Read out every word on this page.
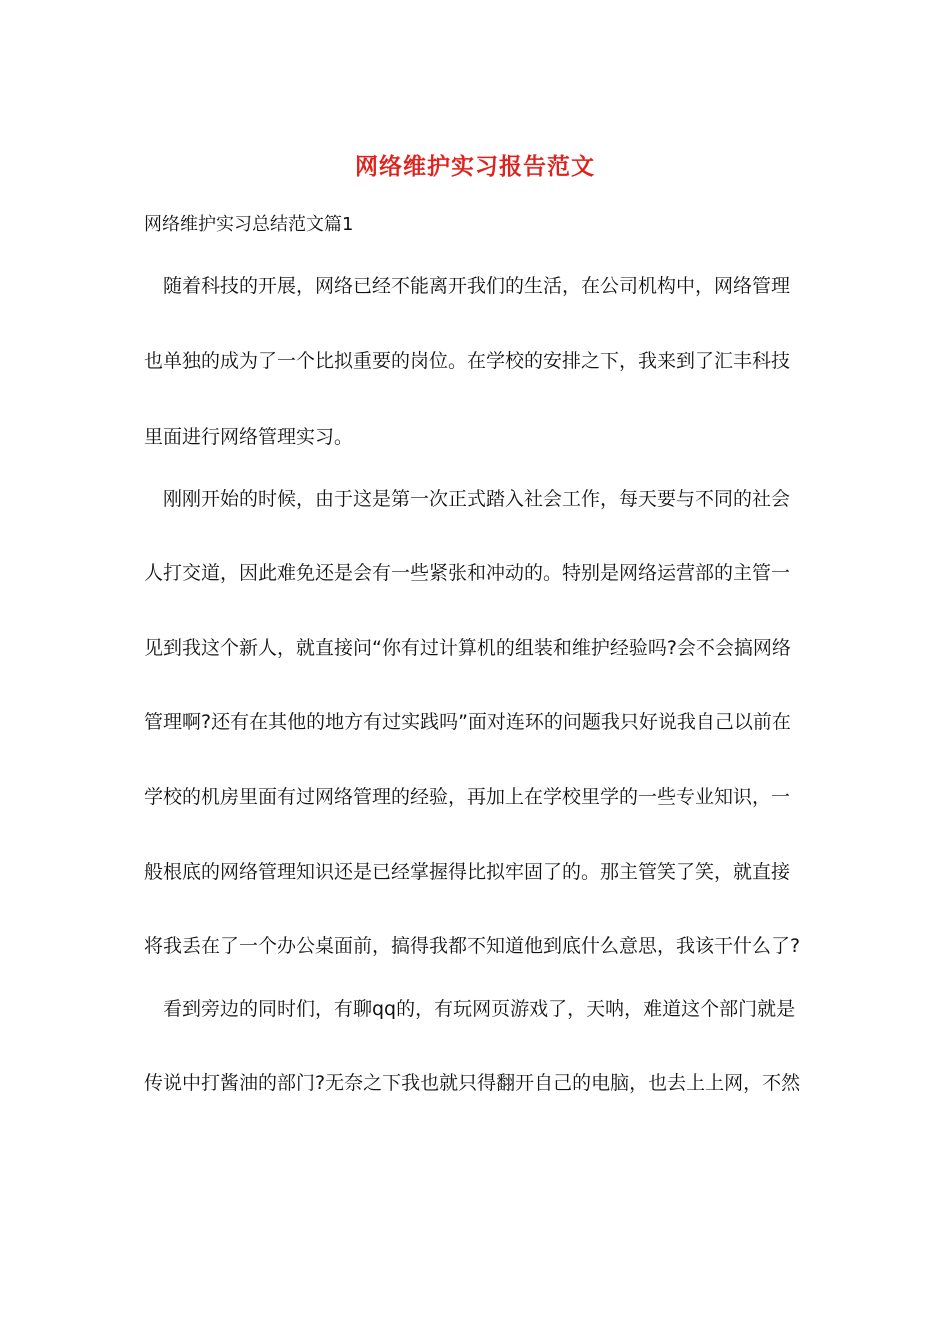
网络维护实习报告范文
网络维护实习总结范文篇1
随着科技的开展，网络已经不能离开我们的生活，在公司机构中，网络管理
也单独的成为了一个比拟重要的岗位。在学校的安排之下，我来到了汇丰科技
里面进行网络管理实习。
刚刚开始的时候，由于这是第一次正式踏入社会工作，每天要与不同的社会
人打交道，因此难免还是会有一些紧张和冲动的。特别是网络运营部的主管一
见到我这个新人，就直接问“你有过计算机的组装和维护经验吗?会不会搞网络
管理啊?还有在其他的地方有过实践吗”面对连环的问题我只好说我自己以前在
学校的机房里面有过网络管理的经验，再加上在学校里学的一些专业知识，一
般根底的网络管理知识还是已经掌握得比拟牢固了的。那主管笑了笑，就直接
将我丢在了一个办公桌面前，搞得我都不知道他到底什么意思，我该干什么了?
看到旁边的同时们，有聊qq的，有玩网页游戏了，天呐，难道这个部门就是
传说中打酱油的部门?无奈之下我也就只得翻开自己的电脑，也去上上网，不然
